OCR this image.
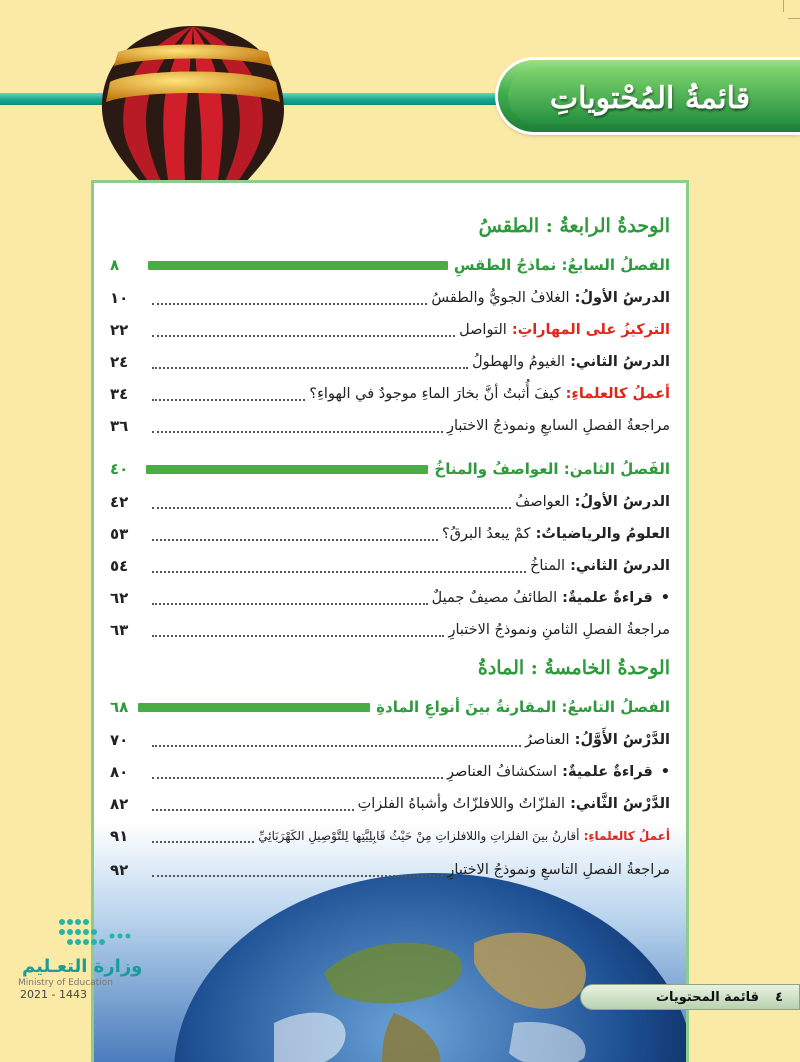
قائمةُ المُحْتوياتِ
الوحدةُ الرابعةُ : الطقسُ
الفصلُ السابعُ: نماذجُ الطقسِ
٨
الدرسُ الأولُ: الغلافُ الجويُّ والطقسُ
١٠
التركيزُ على المهاراتِ: التواصل
٢٢
الدرسُ الثاني: الغيومُ والهطولُ
٢٤
أعملُ كالعلماءِ: كيفَ أُثبتُ أنَّ بخارَ الماءِ موجودٌ في الهواءِ؟
٣٤
مراجعةُ الفصلِ السابعِ ونموذجُ الاختبارِ
٣٦
الفَصلُ الثامن: العواصفُ والمناخُ
٤٠
الدرسُ الأولُ: العواصفُ
٤٢
العلومُ والرياضياتُ: كمْ يبعدُ البرقُ؟
٥٣
الدرسُ الثاني: المناخُ
٥٤
•قراءةٌ علميةٌ: الطائفُ مصيفٌ جميلٌ
٦٢
مراجعةُ الفصلِ الثامنِ ونموذجُ الاختبارِ
٦٣
الوحدةُ الخامسةُ : المادةُ
الفصلُ التاسعُ: المقارنةُ بينَ أنواعِ المادةِ
٦٨
الدَّرْسُ الأَوَّلُ: العناصرُ
٧٠
•قراءةٌ علميةٌ: استكشافُ العناصرِ
٨٠
الدَّرْسُ الثَّاني: الفلزّاتُ واللافلزّاتُ وأشباهُ الفلزاتِ
٨٢
أعملُ كالعلماءِ: أقارنُ بينَ الفلزاتِ واللافلزاتِ مِنْ حَيْثُ قَابِلِيَّتِها لِلتَّوْصِيلِ الكَهْرَبَائِيِّ
٩١
مراجعةُ الفصلِ التاسعِ ونموذجُ الاختبارِ
٩٢
وزارة التعـليم
Ministry of Education
2021 - 1443	٤
قائمة المحتويات
